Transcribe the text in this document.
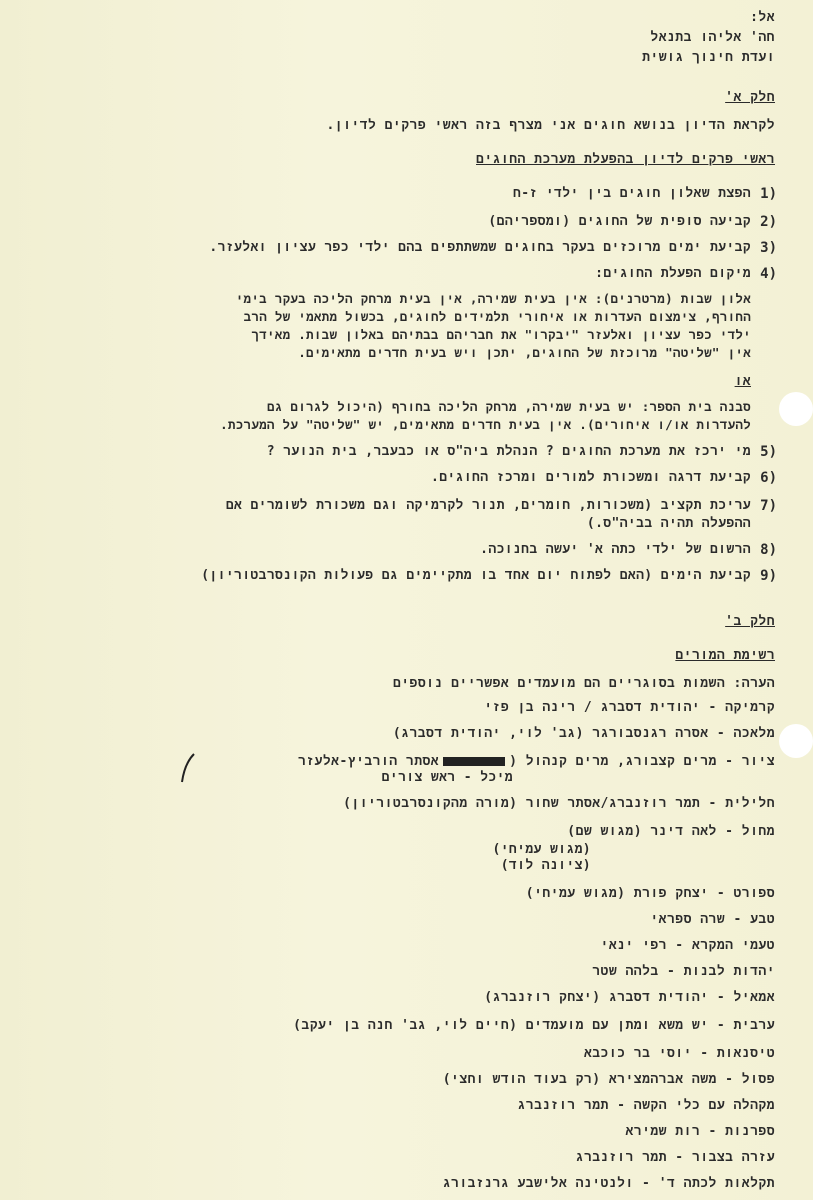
אל:
חה' אליהו בתנאל
ועדת חינוך גושית
חלק א'
לקראת הדיון בנושא חוגים אני מצרף בזה ראשי פרקים לדיון.
ראשי פרקים לדיון בהפעלת מערכת החוגים
1)
הפצת שאלון חוגים בין ילדי ז-ח
2)
קביעה סופית של החוגים (ומספריהם)
3)
קביעת ימים מרוכזים בעקר בחוגים שמשתתפים בהם ילדי כפר עציון ואלעזר.
4)
מיקום הפעלת החוגים:
אלון שבות (מרטרנים): אין בעית שמירה, אין בעית מרחק הליכה בעקר בימי
החורף, צימצום העדרות או איחורי תלמידים לחוגים, בכשול מתאמי של הרב
ילדי כפר עציון ואלעזר "יבקרו" את חבריהם בבתיהם באלון שבות. מאידך
אין "שליטה" מרוכזת של החוגים, יתכן ויש בעית חדרים מתאימים.
או
סבנה בית הספר: יש בעית שמירה, מרחק הליכה בחורף (היכול לגרום גם
להעדרות או/ו איחורים). אין בעית חדרים מתאימים, יש "שליטה" על המערכת.
5)
מי ירכז את מערכת החוגים ? הנהלת ביה"ס או כבעבר, בית הנוער ?
6)
קביעת דרגה ומשכורת למורים ומרכז החוגים.
7)
עריכת תקציב (משכורות, חומרים, תנור לקרמיקה וגם משכורת לשומרים אם
ההפעלה תהיה בביה"ס.)
8)
הרשום של ילדי כתה א' יעשה בחנוכה.
9)
קביעת הימים (האם לפתוח יום אחד בו מתקיימים גם פעולות הקונסרבטוריון)
חלק ב'
רשימת המורים
הערה: השמות בסוגריים הם מועמדים אפשריים נוספים
קרמיקה - יהודית דסברג / רינה בן פזי
מלאכה - אסרה רגנסבורגר (גב' לוי, יהודית דסברג)
ציור - מרים קצבורג, מרים קנהול (אסתר הורביץ-אלעזר
מיכל - ראש צורים
חלילית - תמר רוזנברג/אסתר שחור (מורה מהקונסרבטוריון)
מחול - לאה דינר (מגוש שם)
(מגוש עמיחי)
(ציונה לוד)
ספורט - יצחק פורת (מגוש עמיחי)
טבע - שרה ספראי
טעמי המקרא - רפי ינאי
יהדות לבנות - בלהה שטר
אמאיל - יהודית דסברג (יצחק רוזנברג)
ערבית - יש משא ומתן עם מועמדים (חיים לוי, גב' חנה בן יעקב)
טיסנאות - יוסי בר כוכבא
פסול - משה אברהמצירא (רק בעוד הודש וחצי)
מקהלה עם כלי הקשה - תמר רוזנברג
ספרנות - רות שמירא
עזרה בצבור - תמר רוזנברג
תקלאות לכתה ד' - ולנטינה אלישבע גרנזבורג
